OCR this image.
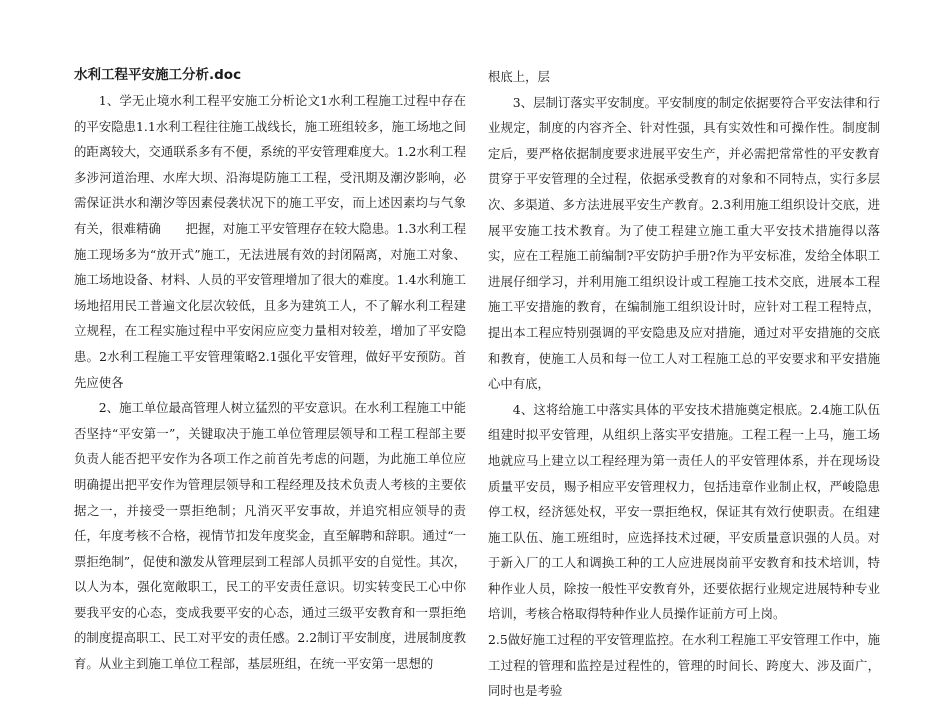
水利工程平安施工分析.doc

1、学无止境水利工程平安施工分析论文1水利工程施工过程中存在的平安隐患1.1水利工程往往施工战线长，施工班组较多，施工场地之间的距离较大，交通联系多有不便，系统的平安管理难度大。1.2水利工程多涉河道治理、水库大坝、沿海堤防施工工程，受汛期及潮汐影响，必需保证洪水和潮汐等因素侵袭状况下的施工平安，而上述因素均与气象有关，很难精确　　把握，对施工平安管理存在较大隐患。1.3水利工程施工现场多为“放开式”施工，无法进展有效的封闭隔离，对施工对象、施工场地设备、材料、人员的平安管理增加了很大的难度。1.4水利施工场地招用民工普遍文化层次较低，且多为建筑工人，不了解水利工程建立规程，在工程实施过程中平安闲应应变力量相对较差，增加了平安隐患。2水利工程施工平安管理策略2.1强化平安管理，做好平安预防。首先应使各

2、施工单位最高管理人树立猛烈的平安意识。在水利工程施工中能否坚持“平安第一”，关键取决于施工单位管理层领导和工程工程部主要负责人能否把平安作为各项工作之前首先考虑的问题，为此施工单位应明确提出把平安作为管理层领导和工程经理及技术负责人考核的主要依据之一，并接受一票拒绝制；凡消灭平安事故，并追究相应领导的责任，年度考核不合格，视情节扣发年度奖金，直至解聘和辞职。通过“一票拒绝制”，促使和激发从管理层到工程部人员抓平安的自觉性。其次，以人为本，强化宽敞职工，民工的平安责任意识。切实转变民工心中你要我平安的心态，变成我要平安的心态，通过三级平安教育和一票拒绝的制度提高职工、民工对平安的责任感。2.2制订平安制度，进展制度教育。从业主到施工单位工程部，基层班组，在统一平安第一思想的

根底上，层

3、层制订落实平安制度。平安制度的制定依据要符合平安法律和行业规定，制度的内容齐全、针对性强，具有实效性和可操作性。制度制定后，要严格依据制度要求进展平安生产，并必需把常常性的平安教育贯穿于平安管理的全过程，依据承受教育的对象和不同特点，实行多层次、多渠道、多方法进展平安生产教育。2.3利用施工组织设计交底，进展平安施工技术教育。为了使工程建立施工重大平安技术措施得以落实，应在工程施工前编制?平安防护手册?作为平安标准，发给全体职工进展仔细学习，并利用施工组织设计或工程施工技术交底，进展本工程施工平安措施的教育，在编制施工组织设计时，应针对工程工程特点，提出本工程应特别强调的平安隐患及应对措施，通过对平安措施的交底和教育，使施工人员和每一位工人对工程施工总的平安要求和平安措施心中有底，

4、这将给施工中落实具体的平安技术措施奠定根底。2.4施工队伍组建时拟平安管理，从组织上落实平安措施。工程工程一上马，施工场地就应马上建立以工程经理为第一责任人的平安管理体系，并在现场设质量平安员，赐予相应平安管理权力，包括违章作业制止权，严峻隐患停工权，经济惩处权，平安一票拒绝权，保证其有效行使职责。在组建施工队伍、施工班组时，应选择技术过硬，平安质量意识强的人员。对于新入厂的工人和调换工种的工人应进展岗前平安教育和技术培训，特种作业人员，除按一般性平安教育外，还要依据行业规定进展特种专业培训，考核合格取得特种作业人员操作证前方可上岗。

2.5做好施工过程的平安管理监控。在水利工程施工平安管理工作中，施工过程的管理和监控是过程性的，管理的时间长、跨度大、涉及面广，同时也是考验
